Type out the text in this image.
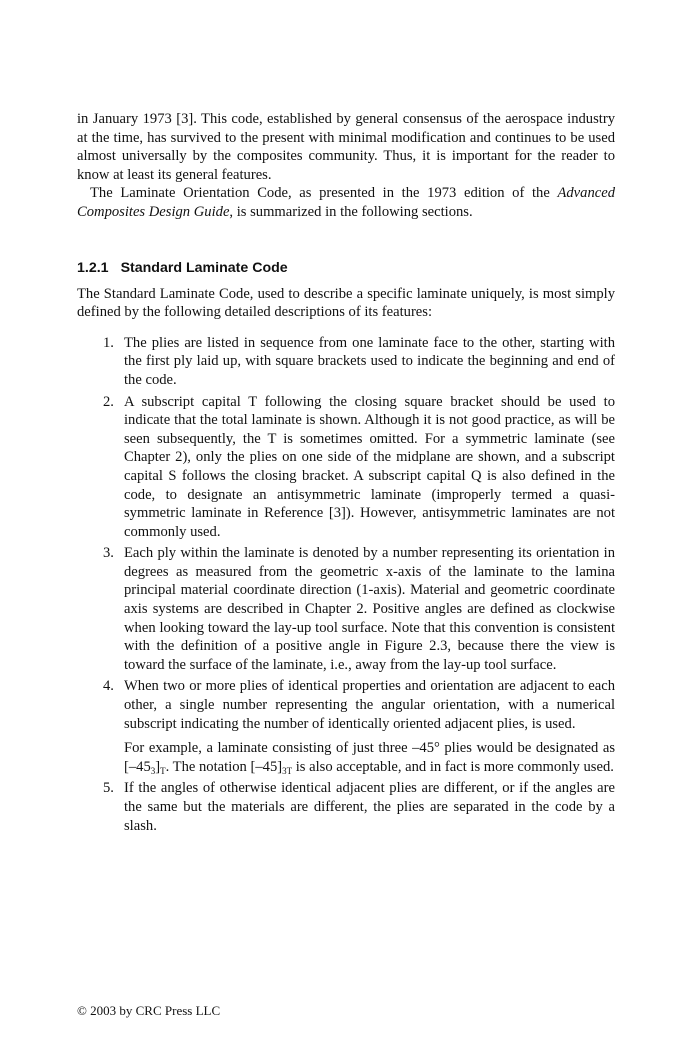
in January 1973 [3]. This code, established by general consensus of the aerospace industry at the time, has survived to the present with minimal modification and continues to be used almost universally by the composites community. Thus, it is important for the reader to know at least its general features.

The Laminate Orientation Code, as presented in the 1973 edition of the Advanced Composites Design Guide, is summarized in the following sections.

1.2.1 Standard Laminate Code

The Standard Laminate Code, used to describe a specific laminate uniquely, is most simply defined by the following detailed descriptions of its features:

1. The plies are listed in sequence from one laminate face to the other, starting with the first ply laid up, with square brackets used to indicate the beginning and end of the code.

2. A subscript capital T following the closing square bracket should be used to indicate that the total laminate is shown. Although it is not good practice, as will be seen subsequently, the T is sometimes omitted. For a symmetric laminate (see Chapter 2), only the plies on one side of the midplane are shown, and a subscript capital S follows the closing bracket. A subscript capital Q is also defined in the code, to designate an antisymmetric laminate (improperly termed a quasi-symmetric laminate in Reference [3]). However, antisymmetric laminates are not commonly used.

3. Each ply within the laminate is denoted by a number representing its orientation in degrees as measured from the geometric x-axis of the laminate to the lamina principal material coordinate direction (1-axis). Material and geometric coordinate axis systems are described in Chapter 2. Positive angles are defined as clockwise when looking toward the lay-up tool surface. Note that this convention is consistent with the definition of a positive angle in Figure 2.3, because there the view is toward the surface of the laminate, i.e., away from the lay-up tool surface.

4. When two or more plies of identical properties and orientation are adjacent to each other, a single number representing the angular orientation, with a numerical subscript indicating the number of identically oriented adjacent plies, is used.

For example, a laminate consisting of just three –45° plies would be designated as $[-45_3]_T$. The notation $[-45]_{3T}$ is also acceptable, and in fact is more commonly used.

5. If the angles of otherwise identical adjacent plies are different, or if the angles are the same but the materials are different, the plies are separated in the code by a slash.

© 2003 by CRC Press LLC
